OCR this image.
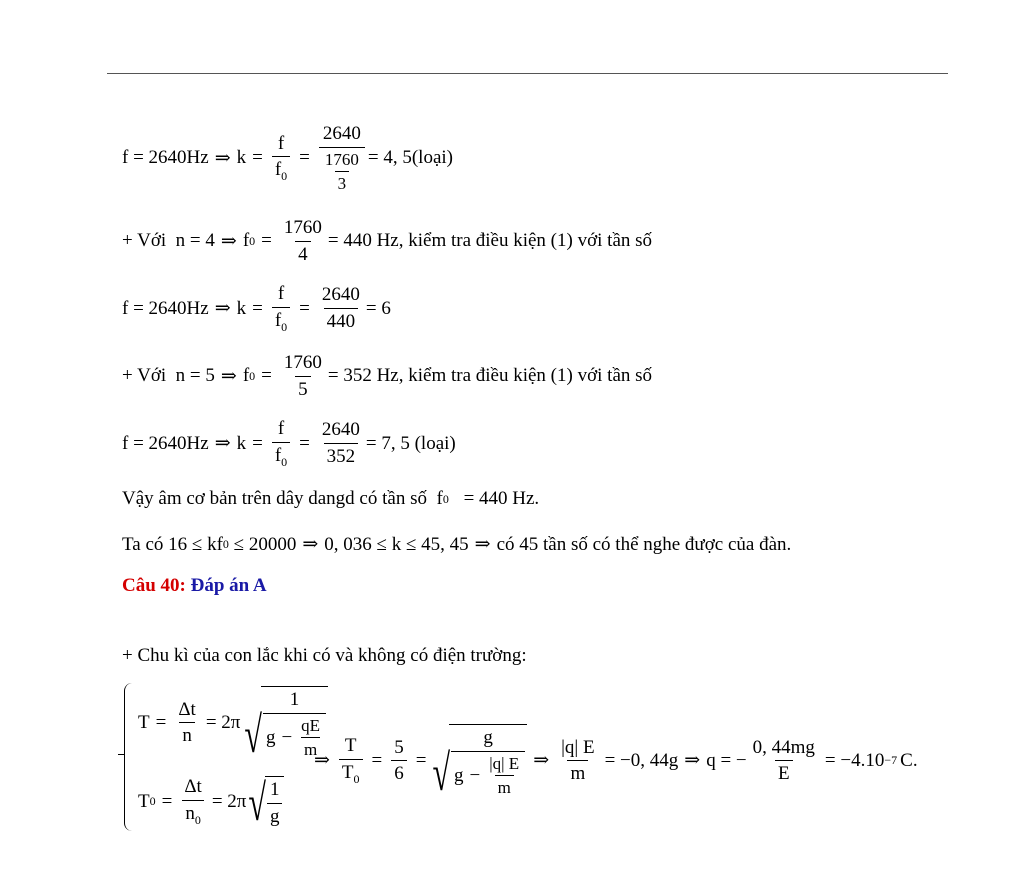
f = 2640Hz ⇒ $k = \frac{f}{f_0} = \frac{2640}{\frac{1760}{3}} = 4$, 5 (loại)
+ Với
n = 4 ⇒ f $0 = \frac{1760}{4} = 440$ Hz, kiểm tra điều kiện (1) với tần số
f = 2640Hz ⇒ $k = \frac{f}{f_0} = \frac{2640}{440} = 6$
+ Với
n = 5 ⇒ f $0 = \frac{1760}{5} = 352$ Hz, kiểm tra điều kiện (1) với tần số
f = 2640Hz ⇒ $k = \frac{f}{f_0} = \frac{2640}{352} = 7$, 5
(loại)
Vậy âm cơ bản trên dây dangd có tần số
f 0
= 440 Hz.
Ta có
16 ≤ kf 0
≤ 20000 ⇒ 0, 036 ≤ k ≤ 45, 45 ⇒ có 45 tần số có thể nghe được của đàn.
Câu 40:
Đáp án A
+ Chu kì của con lắc khi có và không có điện trường:
$T = \frac{\Delta t}{n} = 2\pi$ √ $\frac{1}{g - \frac{qE}{m}}$
T $0 = \frac{\Delta t}{n_0} = 2\pi$ √ $\frac{1}{g}$
⇒ $\frac{T}{T_0} = \frac{5}{6}$ = √ $\frac{g}{g - \frac{|q| E}{m}}$ ⇒ $\frac{|q| E}{m} = -0$, 44g ⇒ q = − $\frac{0, 44mg}{E} = -4.10 -7$ C.
